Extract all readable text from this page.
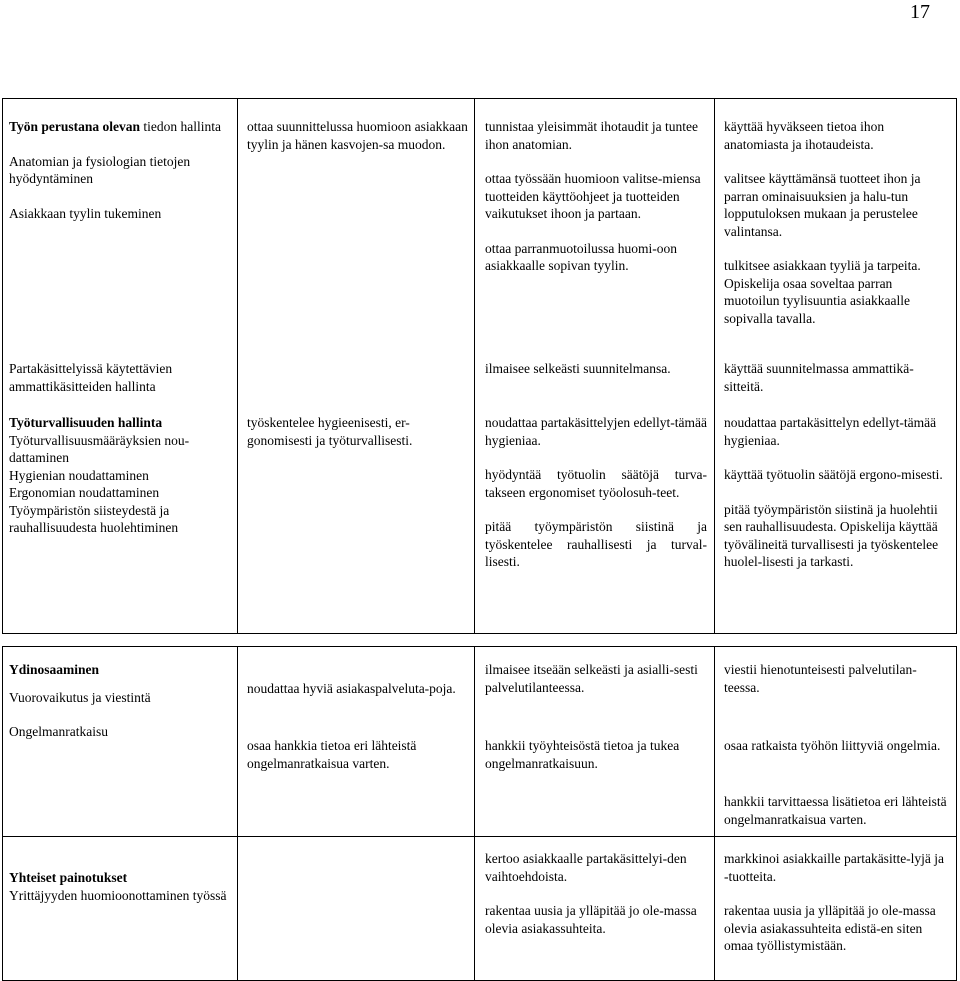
17

Työn perustana olevan tiedon hallinta

Anatomian ja fysiologian tietojen hyödyntäminen

Asiakkaan tyylin tukeminen

ottaa suunnittelussa huomioon asiakkaan tyylin ja hänen kasvojen-sa muodon.

tunnistaa yleisimmät ihotaudit ja tuntee ihon anatomian.

ottaa työssään huomioon valitse-miensa tuotteiden käyttöohjeet ja tuotteiden vaikutukset ihoon ja partaan.

ottaa parranmuotoilussa huomi-oon asiakkaalle sopivan tyylin.

käyttää hyväkseen tietoa ihon anatomiasta ja ihotaudeista.

valitsee käyttämänsä tuotteet ihon ja parran ominaisuuksien ja halu-tun lopputuloksen mukaan ja perustelee valintansa.

tulkitsee asiakkaan tyyliä ja tarpeita. Opiskelija osaa soveltaa parran muotoilun tyylisuuntia asiakkaalle sopivalla tavalla.

Partakäsittelyissä käytettävien ammattikäsitteiden hallinta

ilmaisee selkeästi suunnitelmansa.	käyttää suunnitelmassa ammattikä-sitteitä.

Työturvallisuuden hallinta

Työturvallisuusmääräyksien nou-dattaminen

Hygienian noudattaminen

Ergonomian noudattaminen

Työympäristön siisteydestä ja rauhallisuudesta huolehtiminen

työskentelee hygieenisesti, er-gonomisesti ja työturvallisesti.

noudattaa partakäsittelyjen edellyt-tämää hygieniaa.

hyödyntää työtuolin säätöjä turva-takseen ergonomiset työolosuh-teet.

pitää työympäristön siistinä ja työskentelee rauhallisesti ja turval-lisesti.

noudattaa partakäsittelyn edellyt-tämää hygieniaa.

käyttää työtuolin säätöjä ergono-misesti.

pitää työympäristön siistinä ja huolehtii sen rauhallisuudesta. Opiskelija käyttää työvälineitä turvallisesti ja työskentelee huolel-lisesti ja tarkasti.

Ydinosaaminen

Vuorovaikutus ja viestintä

Ongelmanratkaisu

noudattaa hyviä asiakaspalveluta-poja.

osaa hankkia tietoa eri lähteistä ongelmanratkaisua varten.

ilmaisee itseään selkeästi ja asialli-sesti palvelutilanteessa.

hankkii työyhteisöstä tietoa ja tukea ongelmanratkaisuun.

viestii hienotunteisesti palvelutilan-teessa.

osaa ratkaista työhön liittyviä ongelmia.

hankkii tarvittaessa lisätietoa eri lähteistä ongelmanratkaisua varten.

Yhteiset painotukset

Yrittäjyyden huomioonottaminen työssä

kertoo asiakkaalle partakäsittelyi-den vaihtoehdoista.

rakentaa uusia ja ylläpitää jo ole-massa olevia asiakassuhteita.

markkinoi asiakkaille partakäsitte-lyjä ja -tuotteita.

rakentaa uusia ja ylläpitää jo ole-massa olevia asiakassuhteita edistä-en siten omaa työllistymistään.
